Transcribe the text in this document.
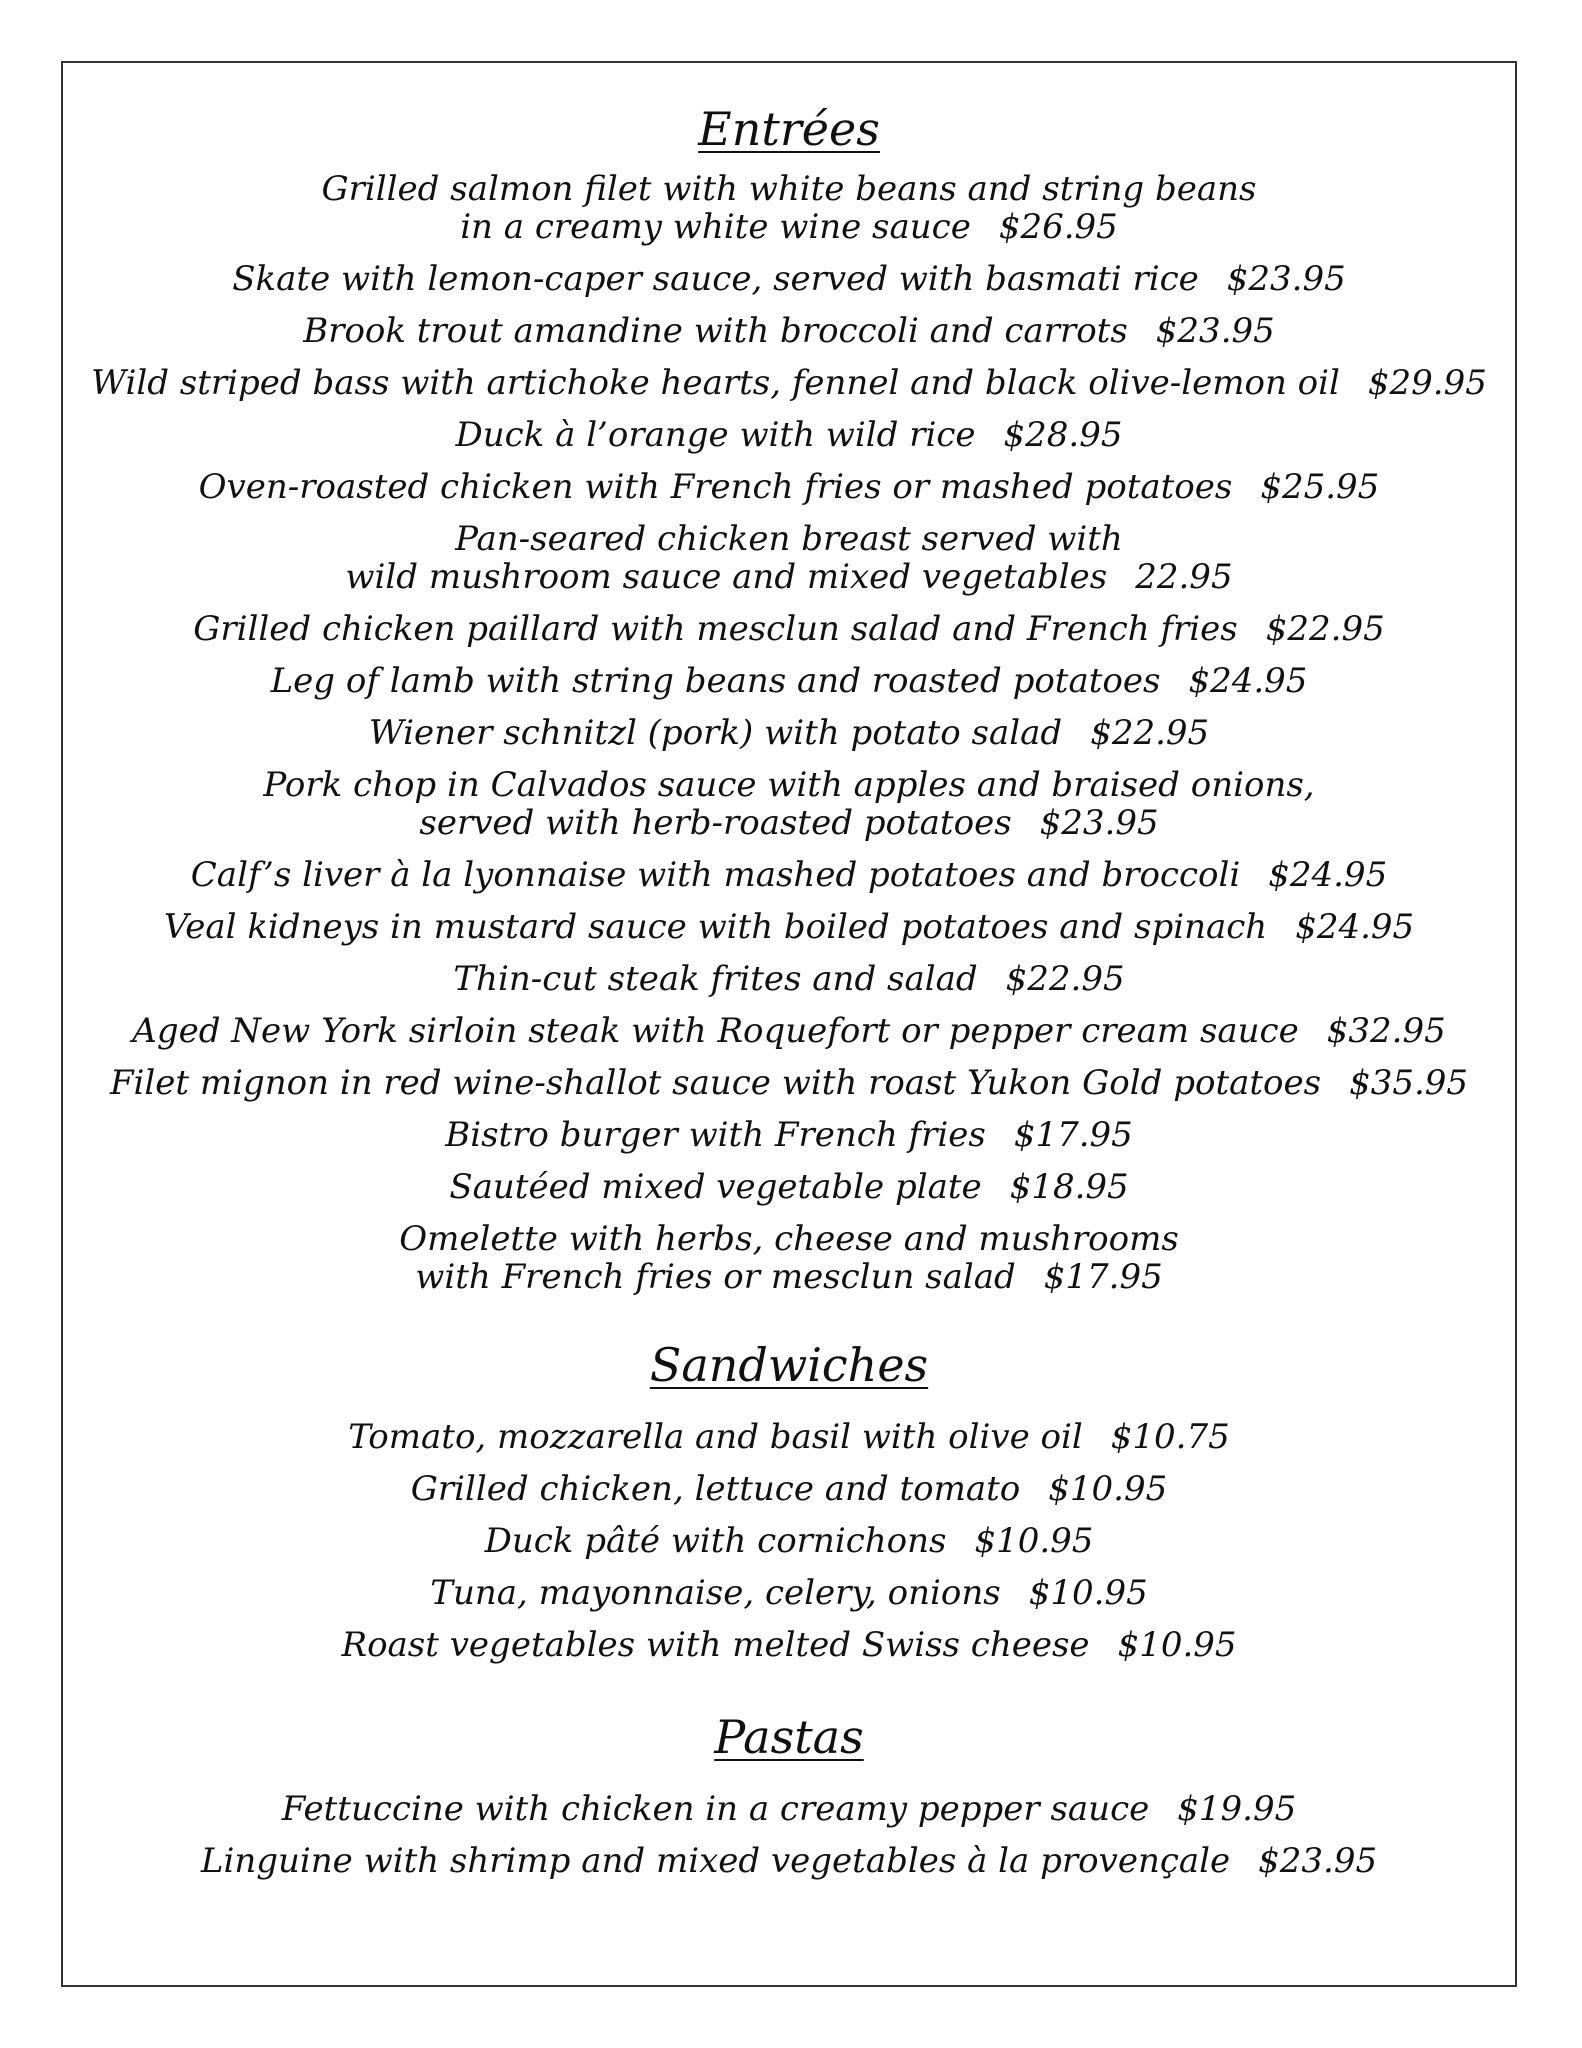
Entrées
Grilled salmon filet with white beans and string beans
in a creamy white wine sauce $26.95
Skate with lemon-caper sauce, served with basmati rice $23.95
Brook trout amandine with broccoli and carrots $23.95
Wild striped bass with artichoke hearts, fennel and black olive-lemon oil $29.95
Duck à l’orange with wild rice $28.95
Oven-roasted chicken with French fries or mashed potatoes $25.95
Pan-seared chicken breast served with
wild mushroom sauce and mixed vegetables 22.95
Grilled chicken paillard with mesclun salad and French fries $22.95
Leg of lamb with string beans and roasted potatoes $24.95
Wiener schnitzl (pork) with potato salad $22.95
Pork chop in Calvados sauce with apples and braised onions,
served with herb-roasted potatoes $23.95
Calf’s liver à la lyonnaise with mashed potatoes and broccoli $24.95
Veal kidneys in mustard sauce with boiled potatoes and spinach $24.95
Thin-cut steak frites and salad $22.95
Aged New York sirloin steak with Roquefort or pepper cream sauce $32.95
Filet mignon in red wine-shallot sauce with roast Yukon Gold potatoes $35.95
Bistro burger with French fries $17.95
Sautéed mixed vegetable plate $18.95
Omelette with herbs, cheese and mushrooms
with French fries or mesclun salad $17.95
Sandwiches
Tomato, mozzarella and basil with olive oil $10.75
Grilled chicken, lettuce and tomato $10.95
Duck pâté with cornichons $10.95
Tuna, mayonnaise, celery, onions $10.95
Roast vegetables with melted Swiss cheese $10.95
Pastas
Fettuccine with chicken in a creamy pepper sauce $19.95
Linguine with shrimp and mixed vegetables à la provençale $23.95
